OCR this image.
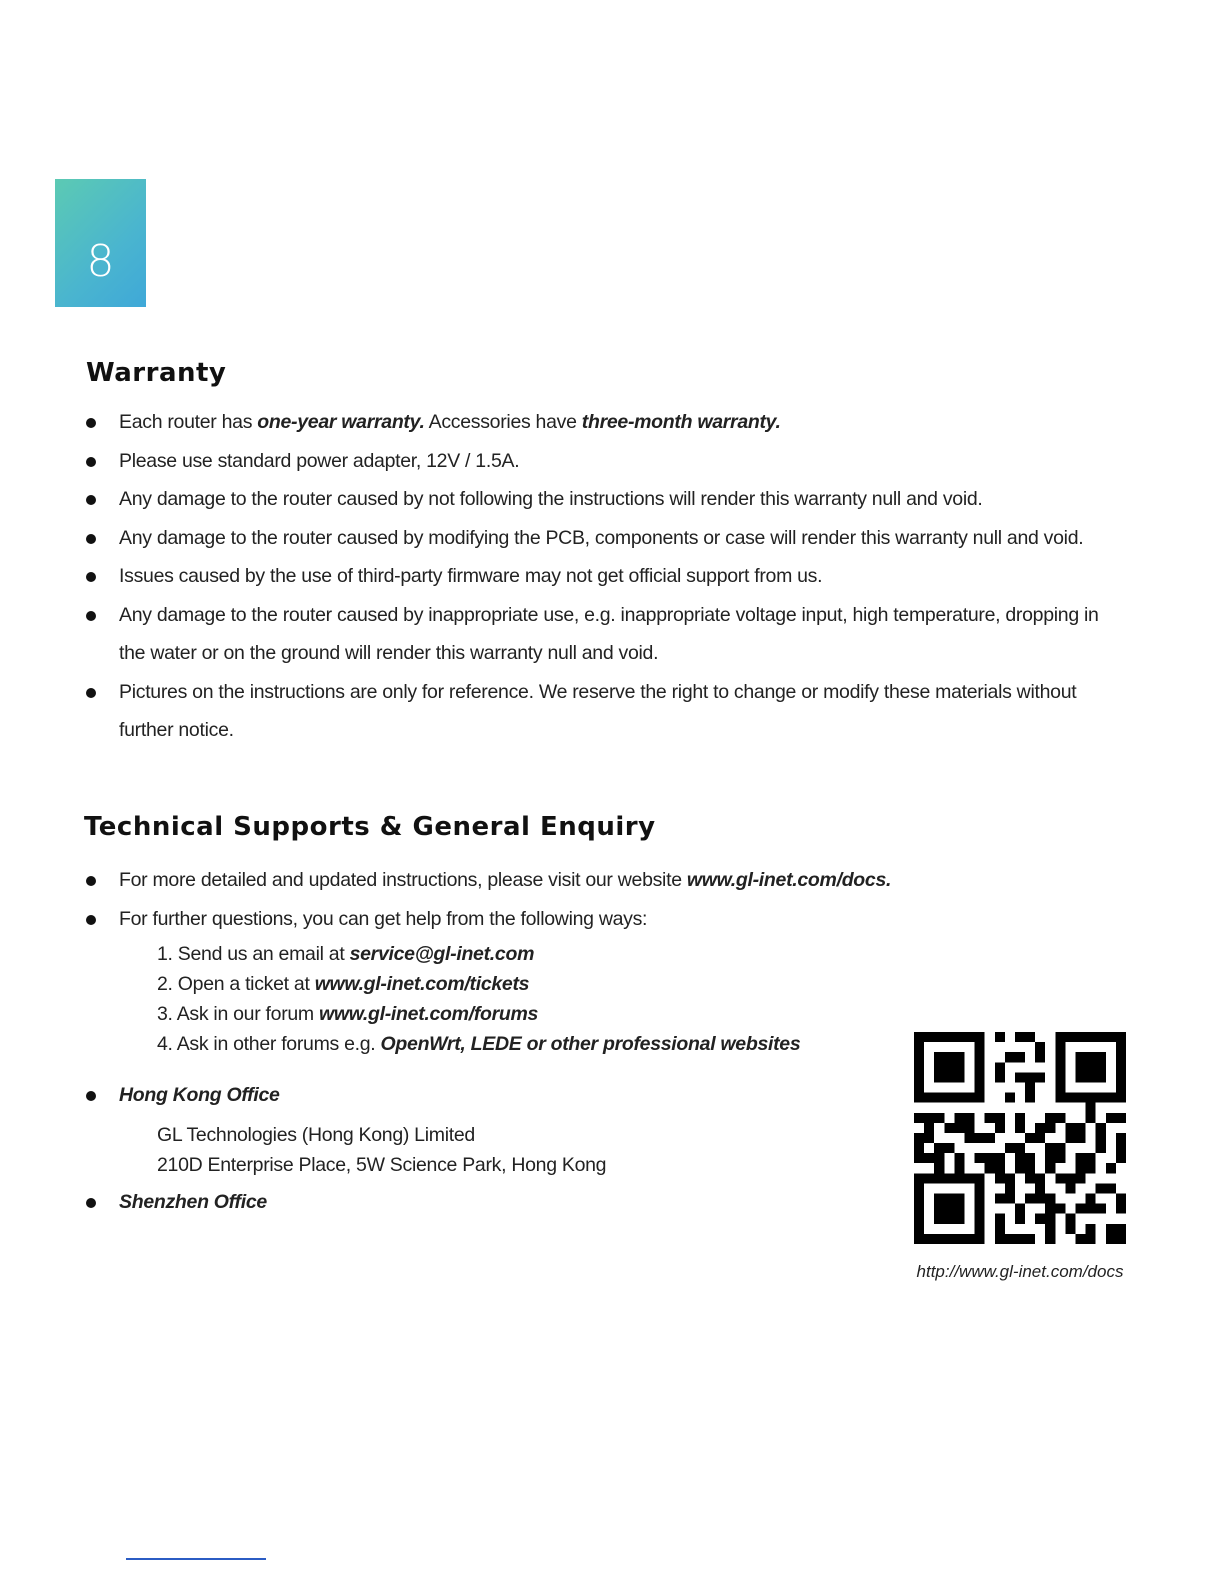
8
Warranty
Each router has one-year warranty. Accessories have three-month warranty.
Please use standard power adapter, 12V / 1.5A.
Any damage to the router caused by not following the instructions will render this warranty null and void.
Any damage to the router caused by modifying the PCB, components or case will render this warranty null and void.
Issues caused by the use of third-party firmware may not get official support from us.
Any damage to the router caused by inappropriate use, e.g. inappropriate voltage input, high temperature, dropping in the water or on the ground will render this warranty null and void.
Pictures on the instructions are only for reference. We reserve the right to change or modify these materials without further notice.
Technical Supports & General Enquiry
For more detailed and updated instructions, please visit our website www.gl-inet.com/docs.
For further questions, you can get help from the following ways:
1. Send us an email at service@gl-inet.com
2. Open a ticket at www.gl-inet.com/tickets
3. Ask in our forum www.gl-inet.com/forums
4. Ask in other forums e.g. OpenWrt, LEDE or other professional websites
Hong Kong Office
GL Technologies (Hong Kong) Limited
210D Enterprise Place, 5W Science Park, Hong Kong
Shenzhen Office
http://www.gl-inet.com/docs
